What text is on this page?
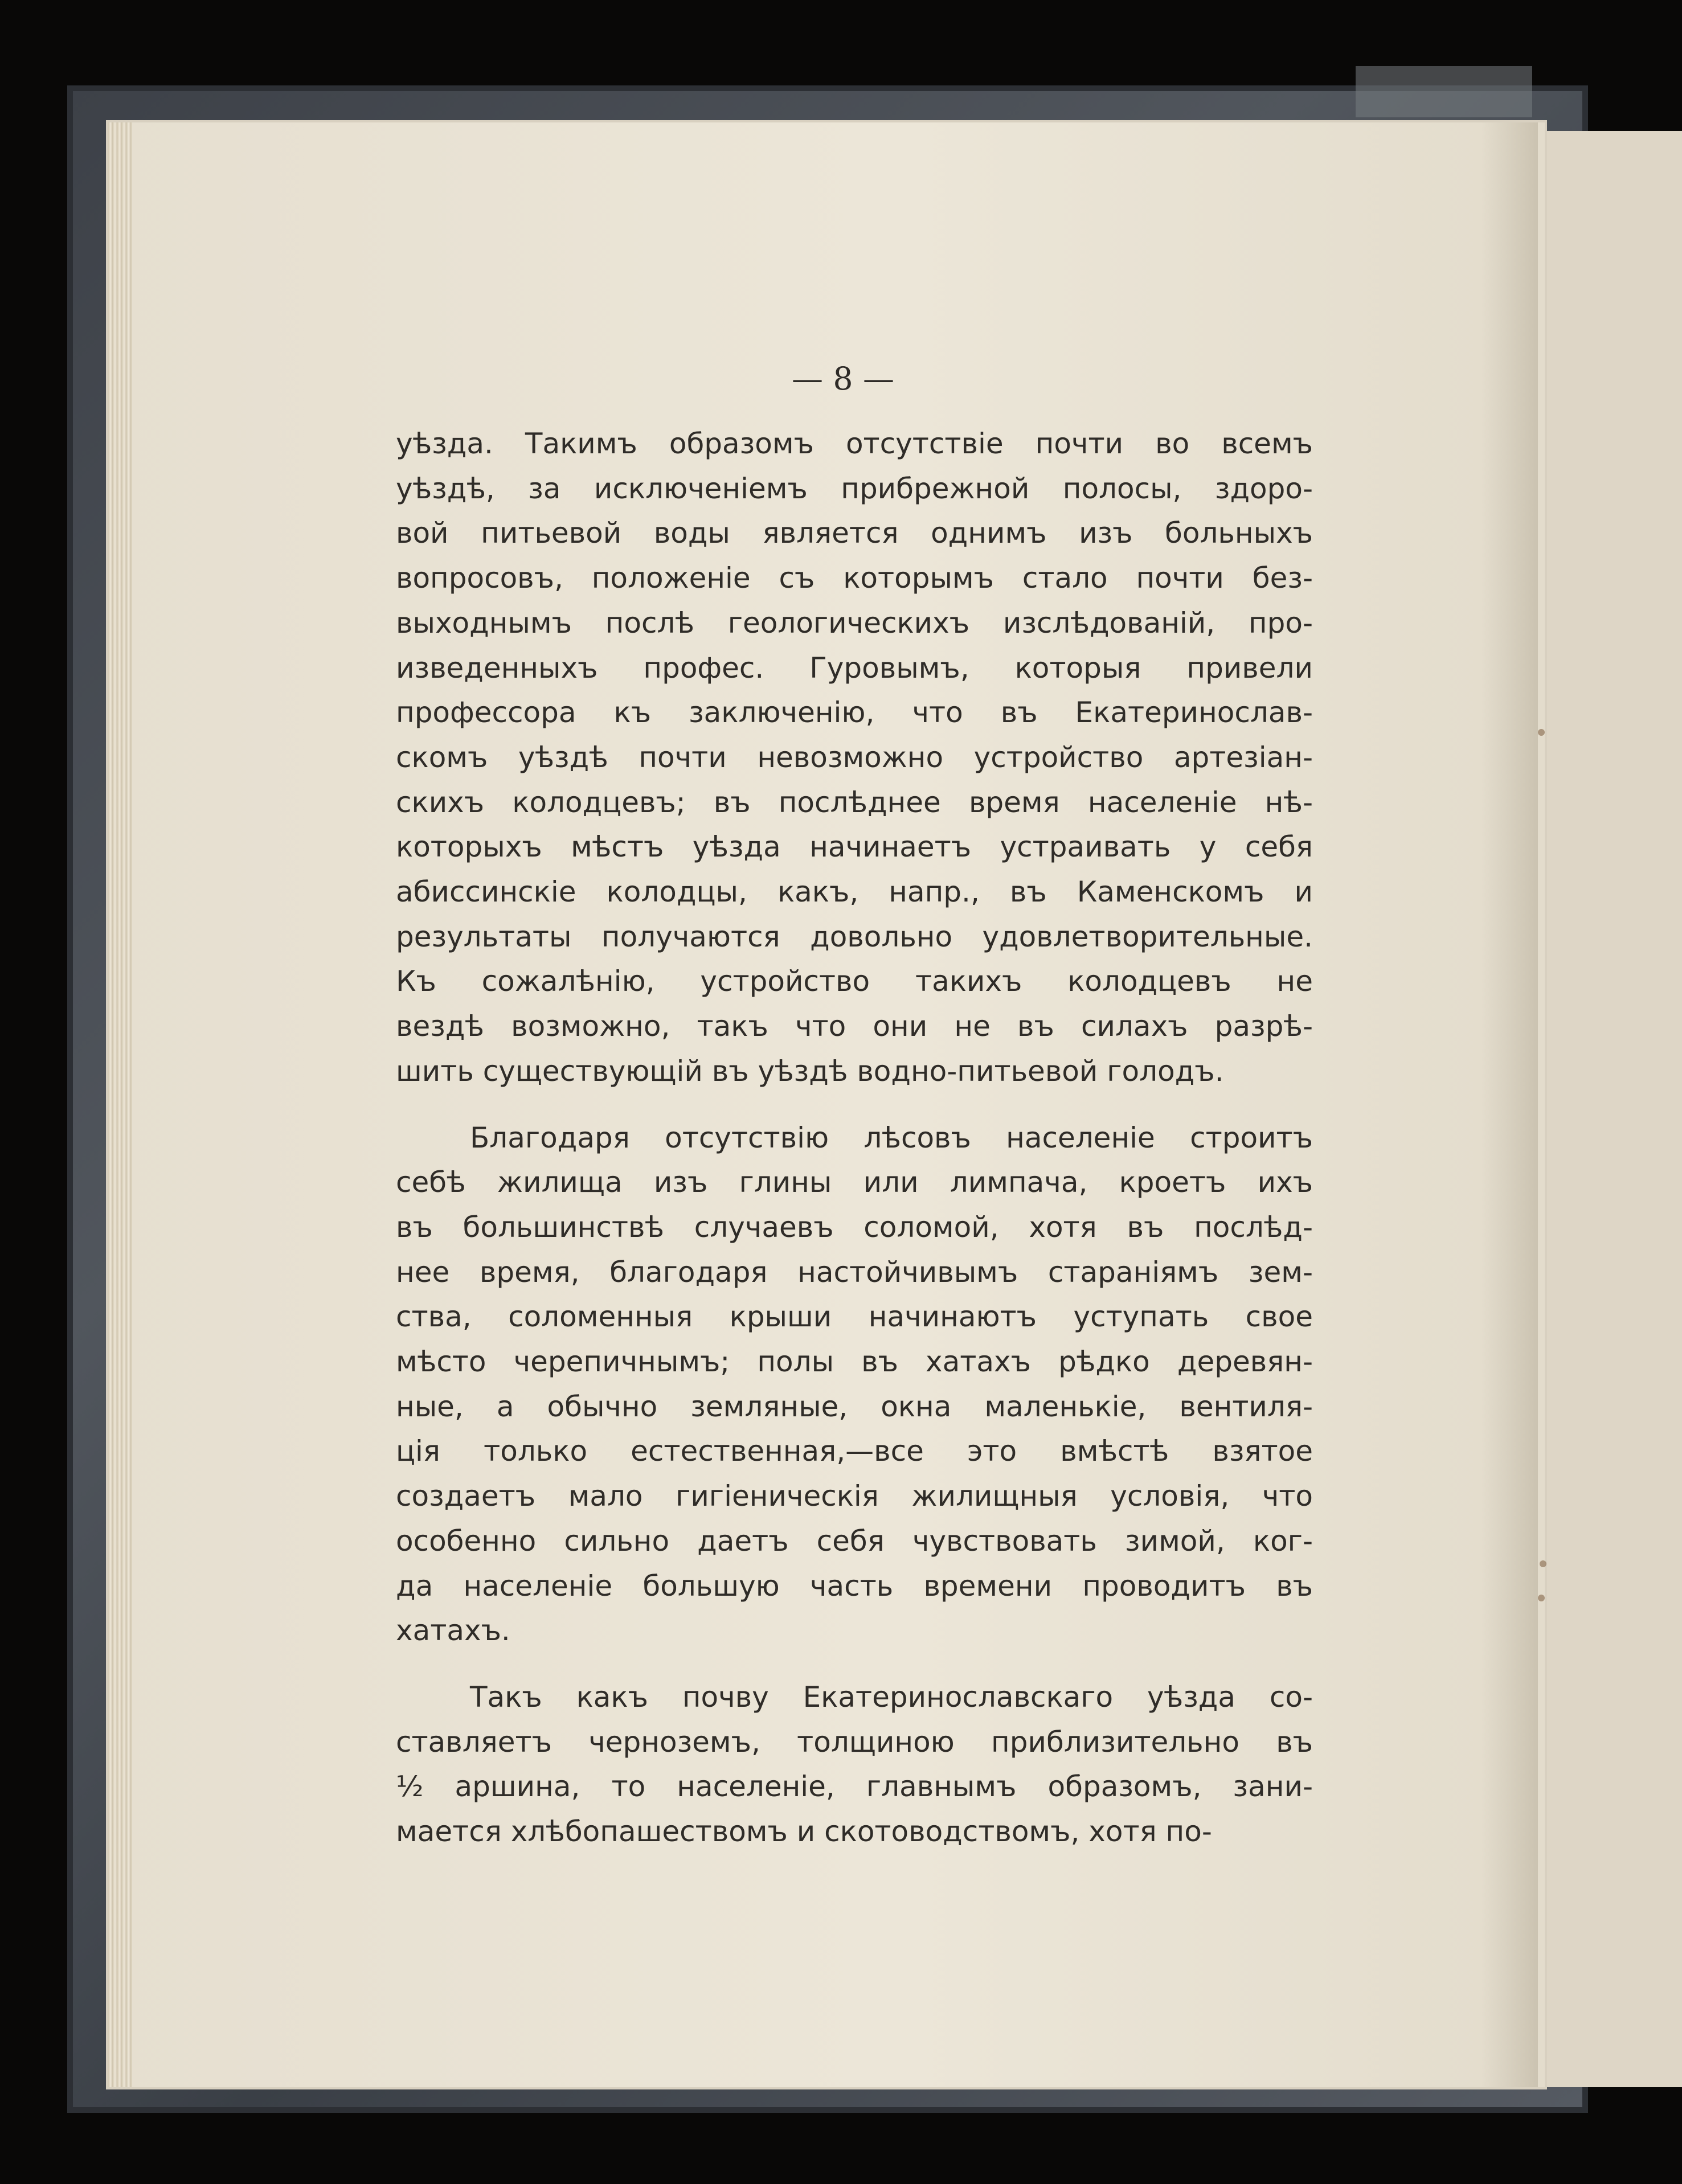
— 8 —
уѣзда. Такимъ образомъ отсутствіе почти во всемъ
уѣздѣ, за исключеніемъ прибрежной полосы, здоро-
вой питьевой воды является однимъ изъ больныхъ
вопросовъ, положеніе съ которымъ стало почти без-
выходнымъ послѣ геологическихъ изслѣдованій, про-
изведенныхъ профес. Гуровымъ, которыя привели
профессора къ заключенію, что въ Екатеринослав-
скомъ уѣздѣ почти невозможно устройство артезіан-
скихъ колодцевъ; въ послѣднее время населеніе нѣ-
которыхъ мѣстъ уѣзда начинаетъ устраивать у себя
абиссинскіе колодцы, какъ, напр., въ Каменскомъ и
результаты получаются довольно удовлетворительные.
Къ сожалѣнію, устройство такихъ колодцевъ не
вездѣ возможно, такъ что они не въ силахъ разрѣ-
шить существующій въ уѣздѣ водно-питьевой голодъ.
Благодаря отсутствію лѣсовъ населеніе строитъ
себѣ жилища изъ глины или лимпача, кроетъ ихъ
въ большинствѣ случаевъ соломой, хотя въ послѣд-
нее время, благодаря настойчивымъ стараніямъ зем-
ства, соломенныя крыши начинаютъ уступать свое
мѣсто черепичнымъ; полы въ хатахъ рѣдко деревян-
ные, а обычно земляные, окна маленькіе, вентиля-
ція только естественная,—все это вмѣстѣ взятое
создаетъ мало гигіеническія жилищныя условія, что
особенно сильно даетъ себя чувствовать зимой, ког-
да населеніе большую часть времени проводитъ въ
хатахъ.
Такъ какъ почву Екатеринославскаго уѣзда со-
ставляетъ черноземъ, толщиною приблизительно въ
½ аршина, то населеніе, главнымъ образомъ, зани-
мается хлѣбопашествомъ и скотоводствомъ, хотя по-
